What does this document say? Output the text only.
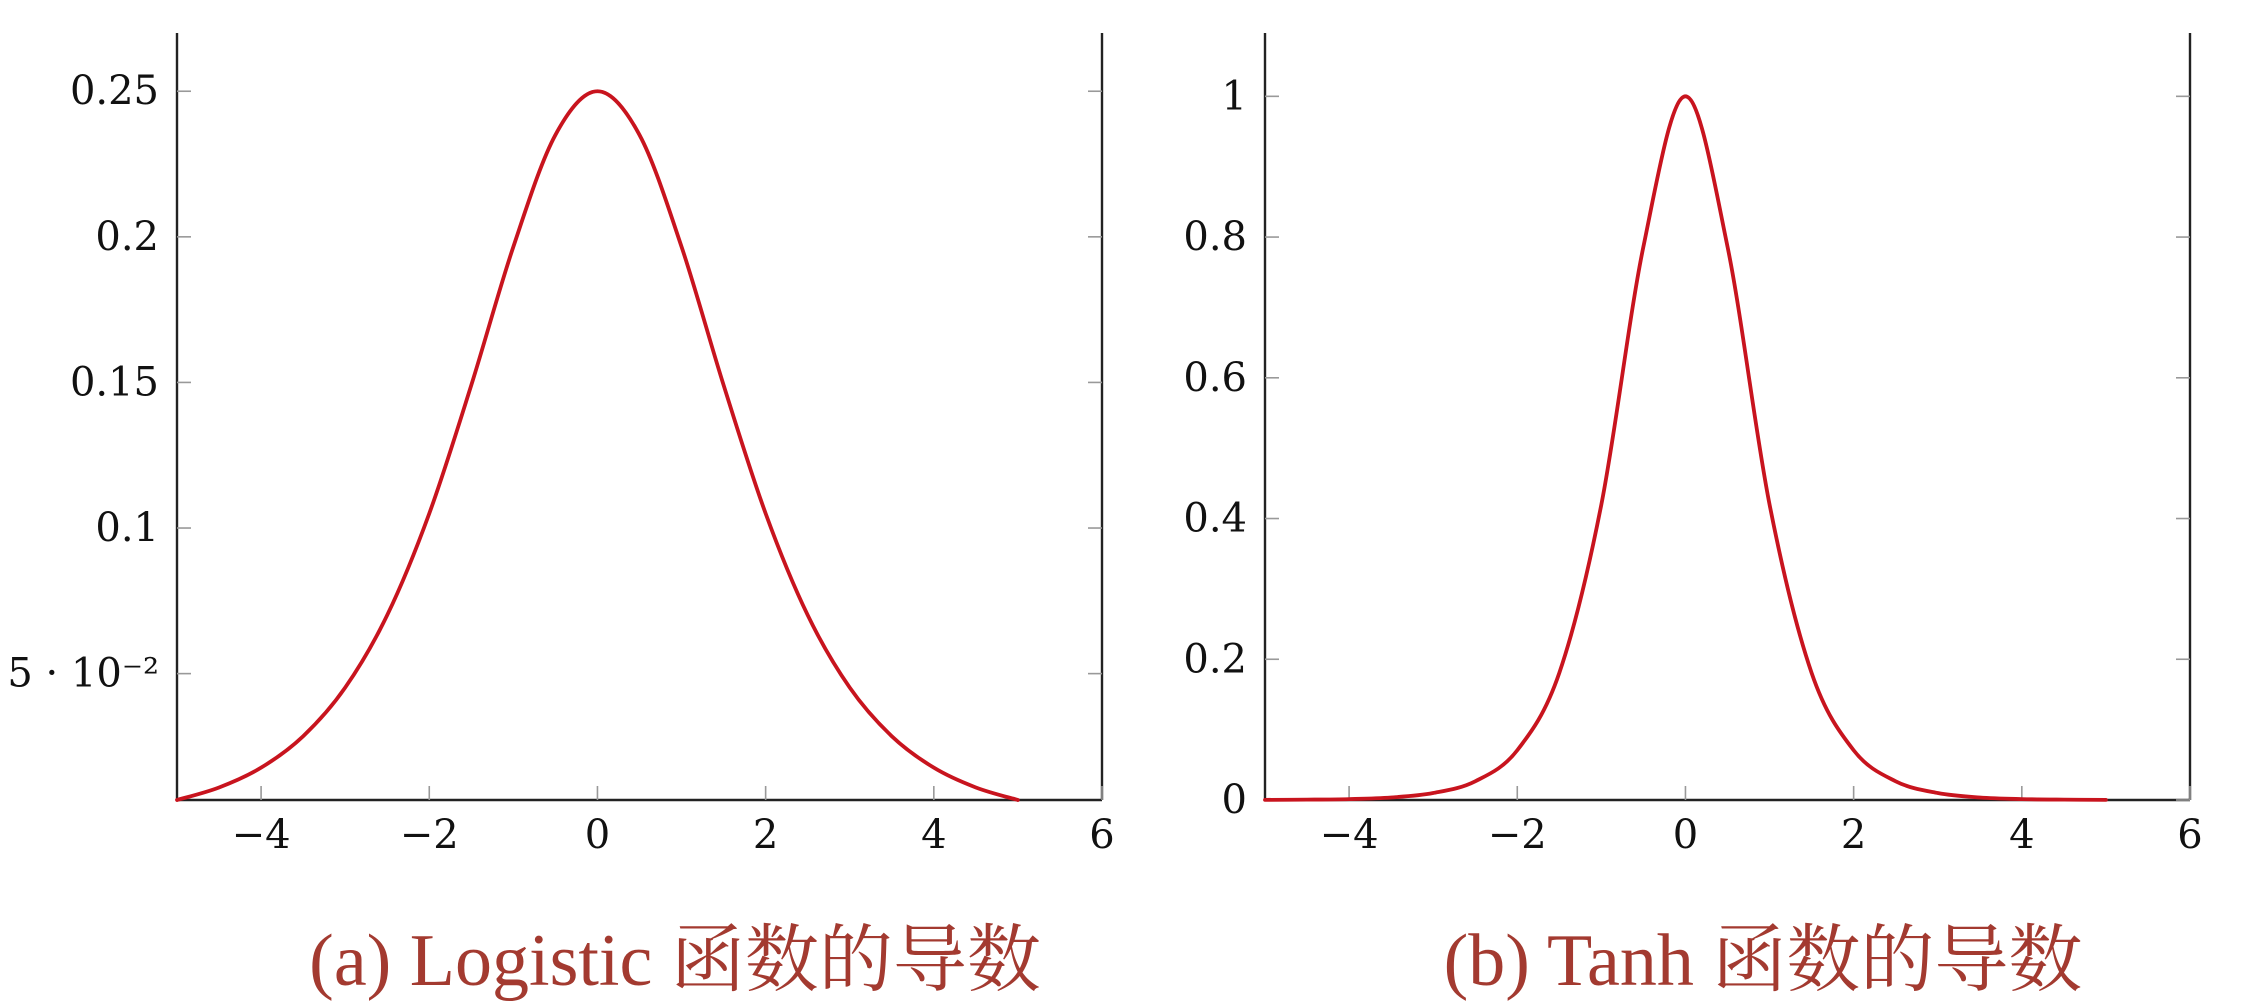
−4	−2	0	2	4	6
5 · 10⁻²
0.1
0.15
0.2
0.25
−4	−2	0	2	4	6
0
0.2
0.4
0.6
0.8
1
(a) Logistic 函数的导数	(b) Tanh 函数的导数
